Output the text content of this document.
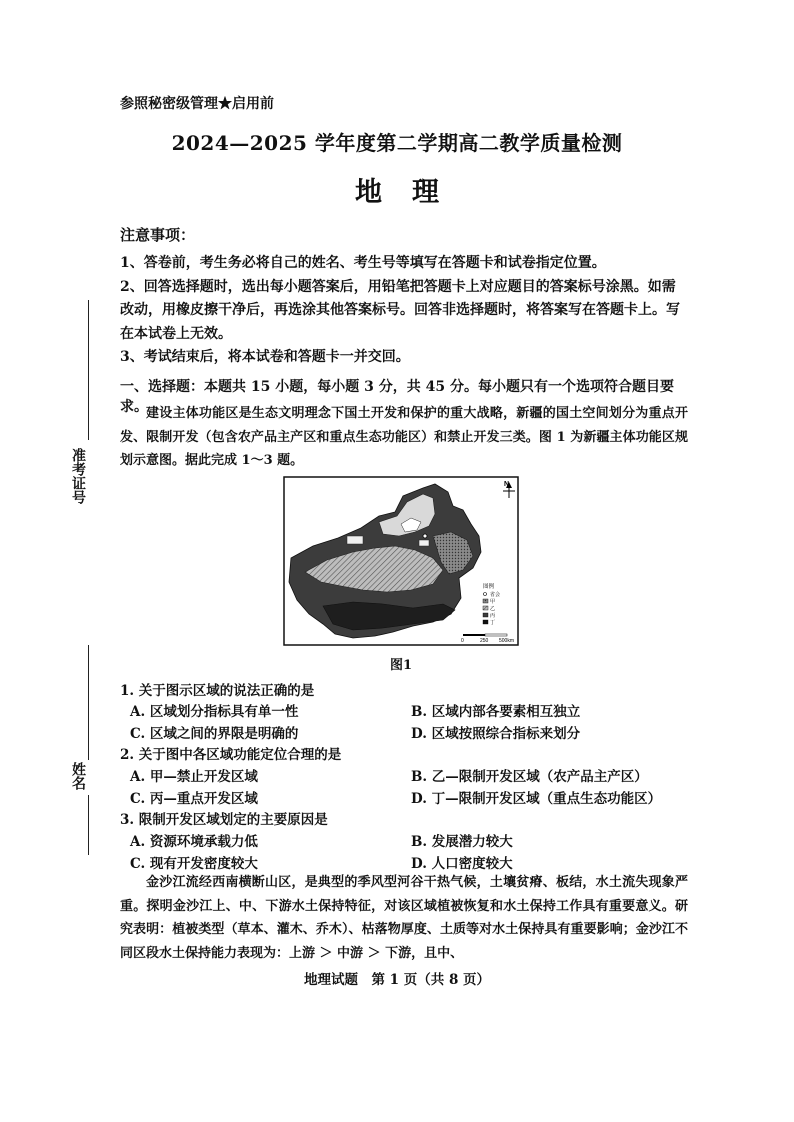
准考证号
姓名
参照秘密级管理★启用前
2024—2025 学年度第二学期高二教学质量检测
地理
注意事项：

1、答卷前，考生务必将自己的姓名、考生号等填写在答题卡和试卷指定位置。

2、回答选择题时，选出每小题答案后，用铅笔把答题卡上对应题目的答案标号涂黑。如需改动，用橡皮擦干净后，再选涂其他答案标号。回答非选择题时，将答案写在答题卡上。写在本试卷上无效。

3、考试结束后，将本试卷和答题卡一并交回。

一、选择题：本题共 15 小题，每小题 3 分，共 45 分。每小题只有一个选项符合题目要求。
建设主体功能区是生态文明理念下国土开发和保护的重大战略，新疆的国土空间划分为重点开发、限制开发（包含农产品主产区和重点生态功能区）和禁止开发三类。图 1 为新疆主体功能区规划示意图。据此完成 1～3 题。
N
图例
省会
甲
乙
丙
丁
0	250 500km
图1
1. 关于图示区域的说法正确的是
A. 区域划分指标具有单一性	B. 区域内部各要素相互独立
C. 区域之间的界限是明确的	D. 区域按照综合指标来划分
2. 关于图中各区域功能定位合理的是
A. 甲—禁止开发区域	B. 乙—限制开发区域（农产品主产区）
C. 丙—重点开发区域	D. 丁—限制开发区域（重点生态功能区）
3. 限制开发区域划定的主要原因是
A. 资源环境承载力低	B. 发展潜力较大
C. 现有开发密度较大	D. 人口密度较大
金沙江流经西南横断山区，是典型的季风型河谷干热气候，土壤贫瘠、板结，水土流失现象严重。探明金沙江上、中、下游水土保持特征，对该区域植被恢复和水土保持工作具有重要意义。研究表明：植被类型（草本、灌木、乔木）、枯落物厚度、土质等对水土保持具有重要影响；金沙江不同区段水土保持能力表现为：上游 ＞ 中游 ＞ 下游，且中、
地理试题　第 1 页（共 8 页）
